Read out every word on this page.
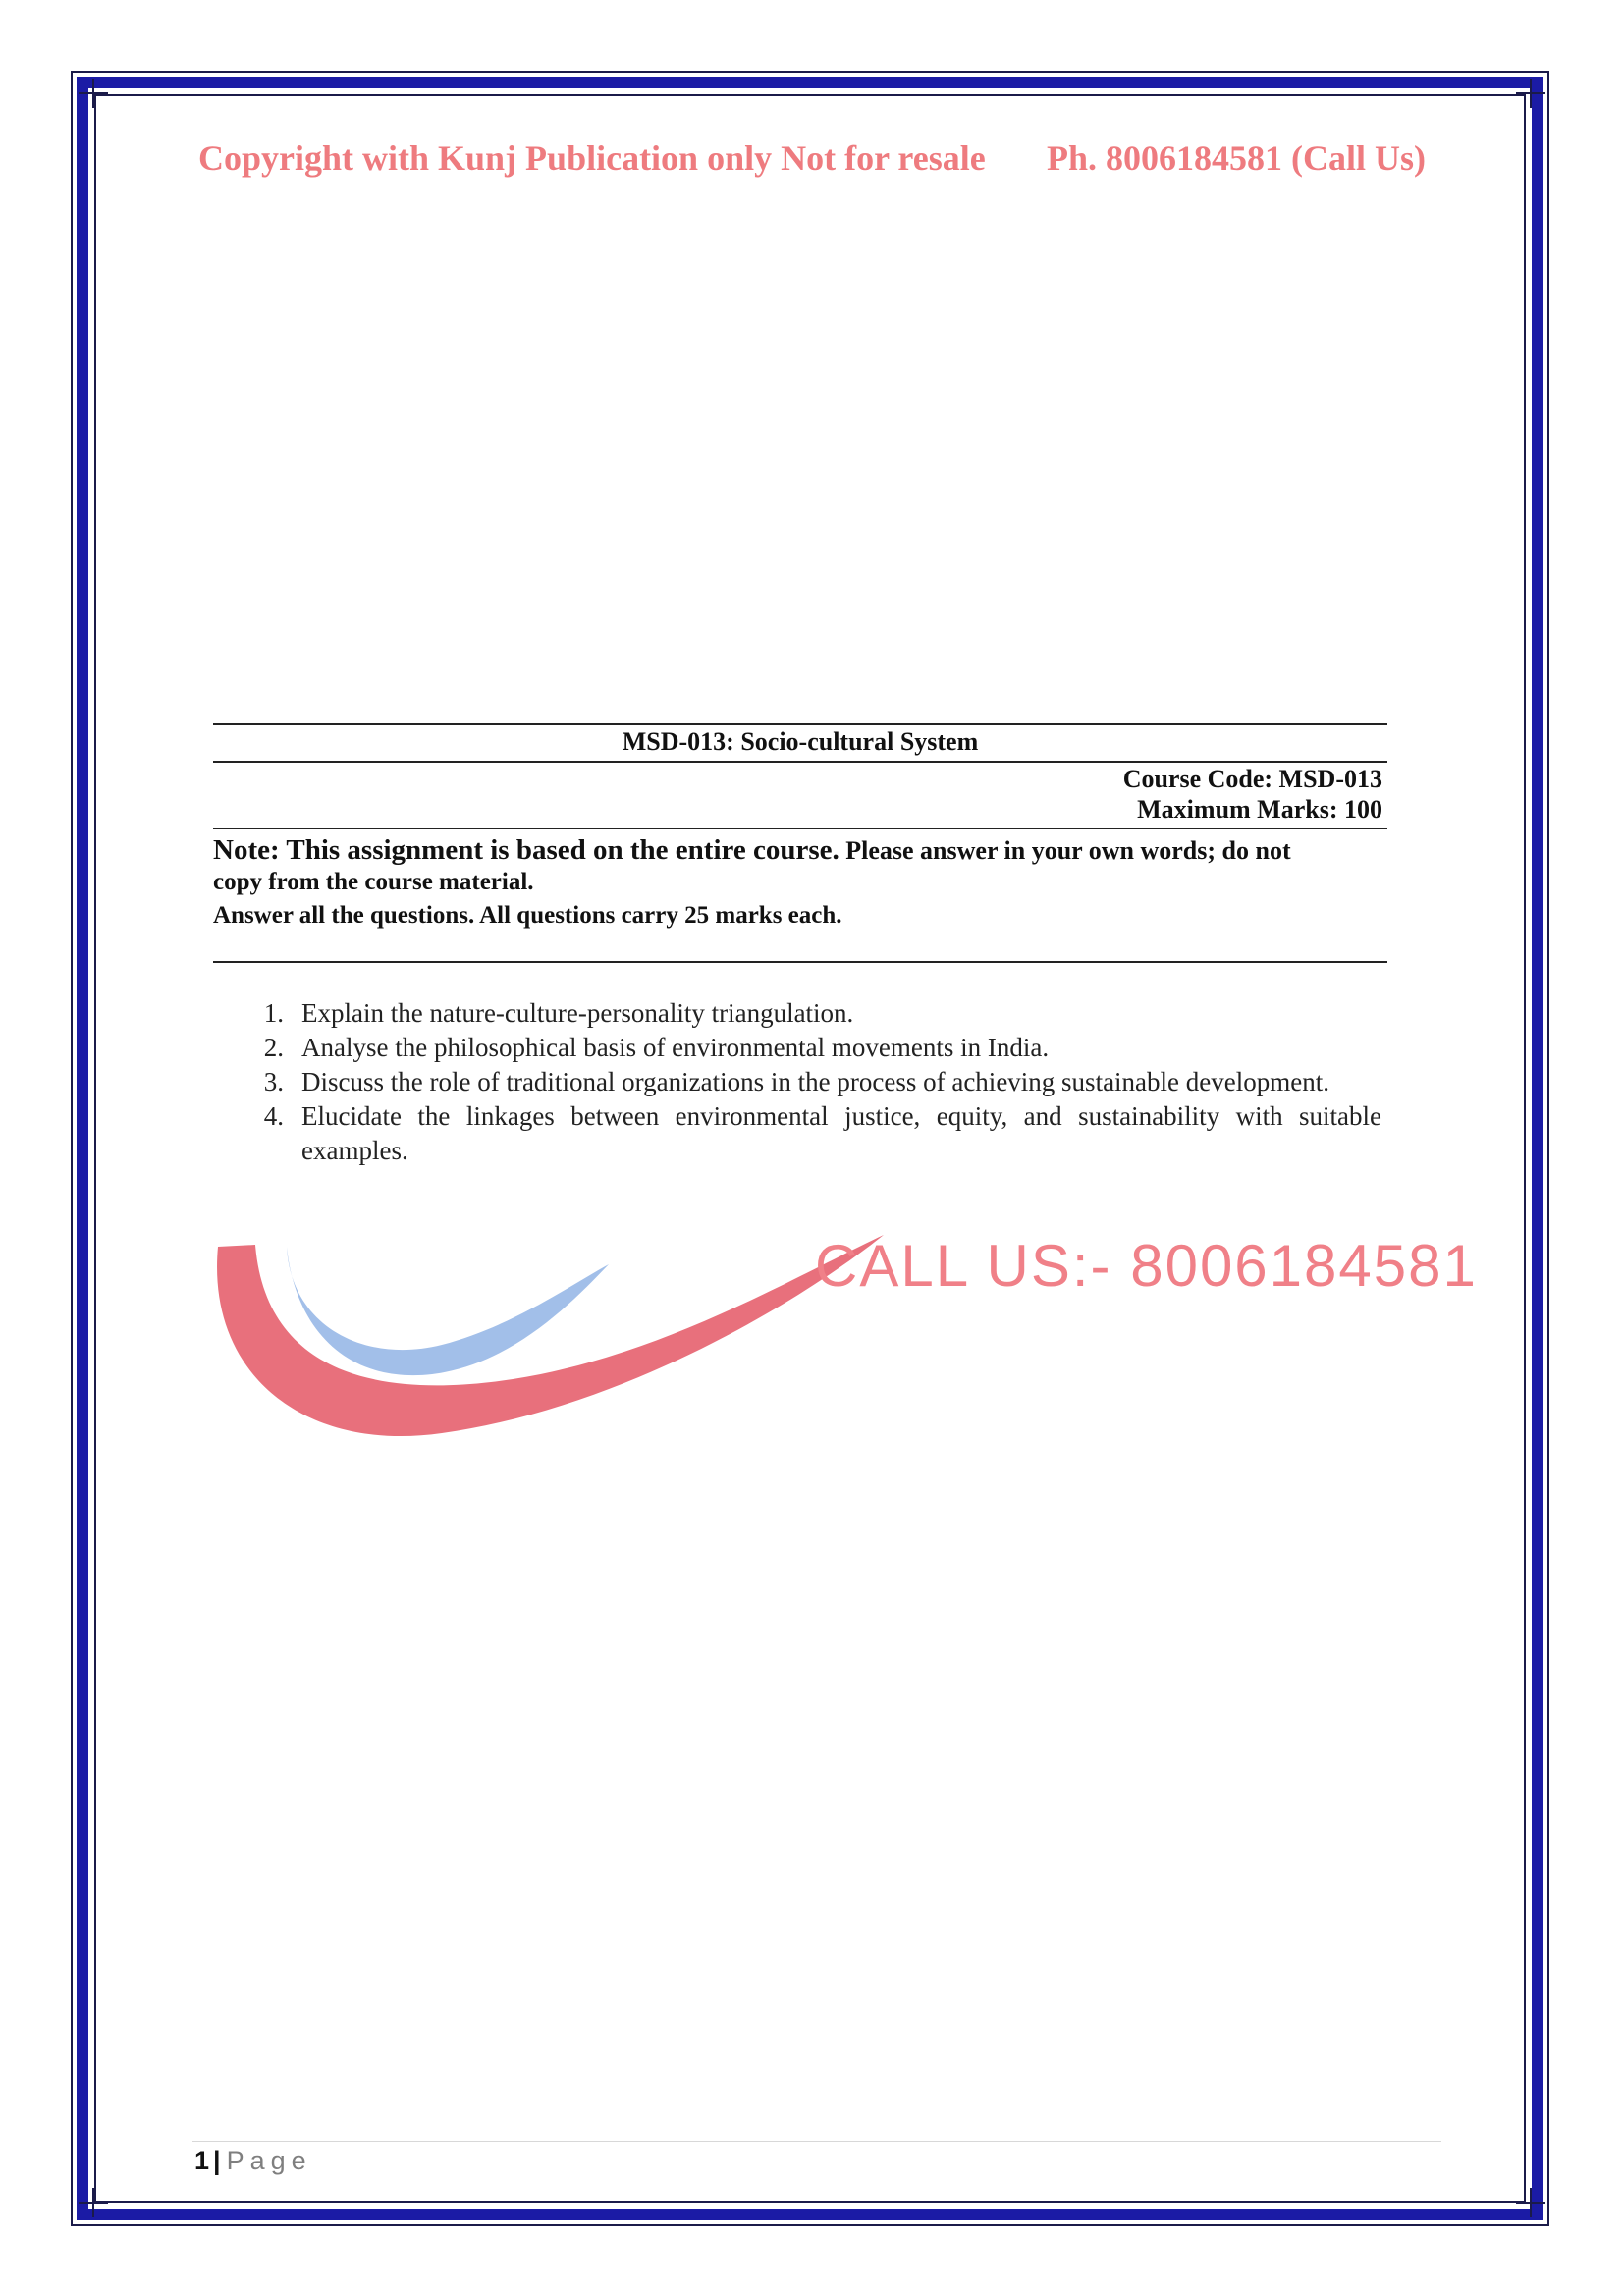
Copyright with Kunj Publication only Not for resale Ph. 8006184581 (Call Us)
MSD-013: Socio-cultural System
Course Code: MSD-013
Maximum Marks: 100
Note: This assignment is based on the entire course. Please answer in your own words; do not
copy from the course material.
Answer all the questions. All questions carry 25 marks each.
1. Explain the nature-culture-personality triangulation.
2. Analyse the philosophical basis of environmental movements in India.
3. Discuss the role of traditional organizations in the process of achieving sustainable development.
4. Elucidate the linkages between environmental justice, equity, and sustainability with suitable examples.
CALL US:- 8006184581
1 | Page
